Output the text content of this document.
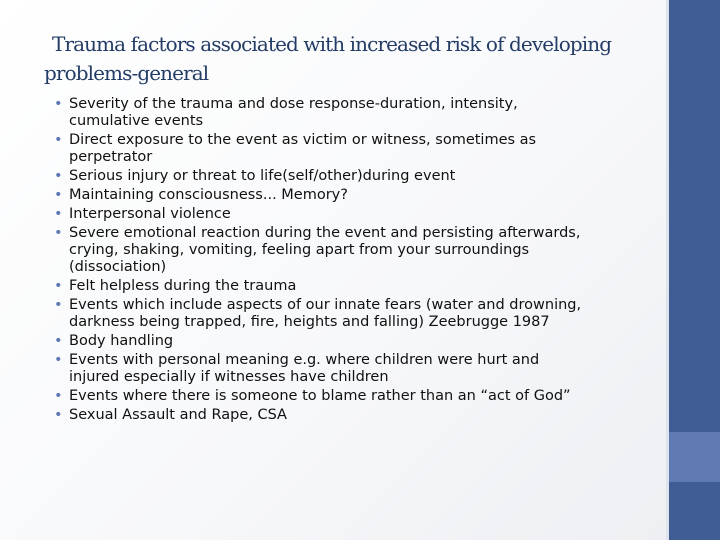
Trauma factors associated with increased risk of developing
problems-general
• Severity of the trauma and dose response-duration, intensity,
cumulative events
• Direct exposure to the event as victim or witness, sometimes as
perpetrator
• Serious injury or threat to life(self/other)during event
• Maintaining consciousness... Memory?
• Interpersonal violence
• Severe emotional reaction during the event and persisting afterwards,
crying, shaking, vomiting, feeling apart from your surroundings
(dissociation)
• Felt helpless during the trauma
• Events which include aspects of our innate fears (water and drowning,
darkness being trapped, fire, heights and falling) Zeebrugge 1987
• Body handling
• Events with personal meaning e.g. where children were hurt and
injured especially if witnesses have children
• Events where there is someone to blame rather than an “act of God”
• Sexual Assault and Rape, CSA
